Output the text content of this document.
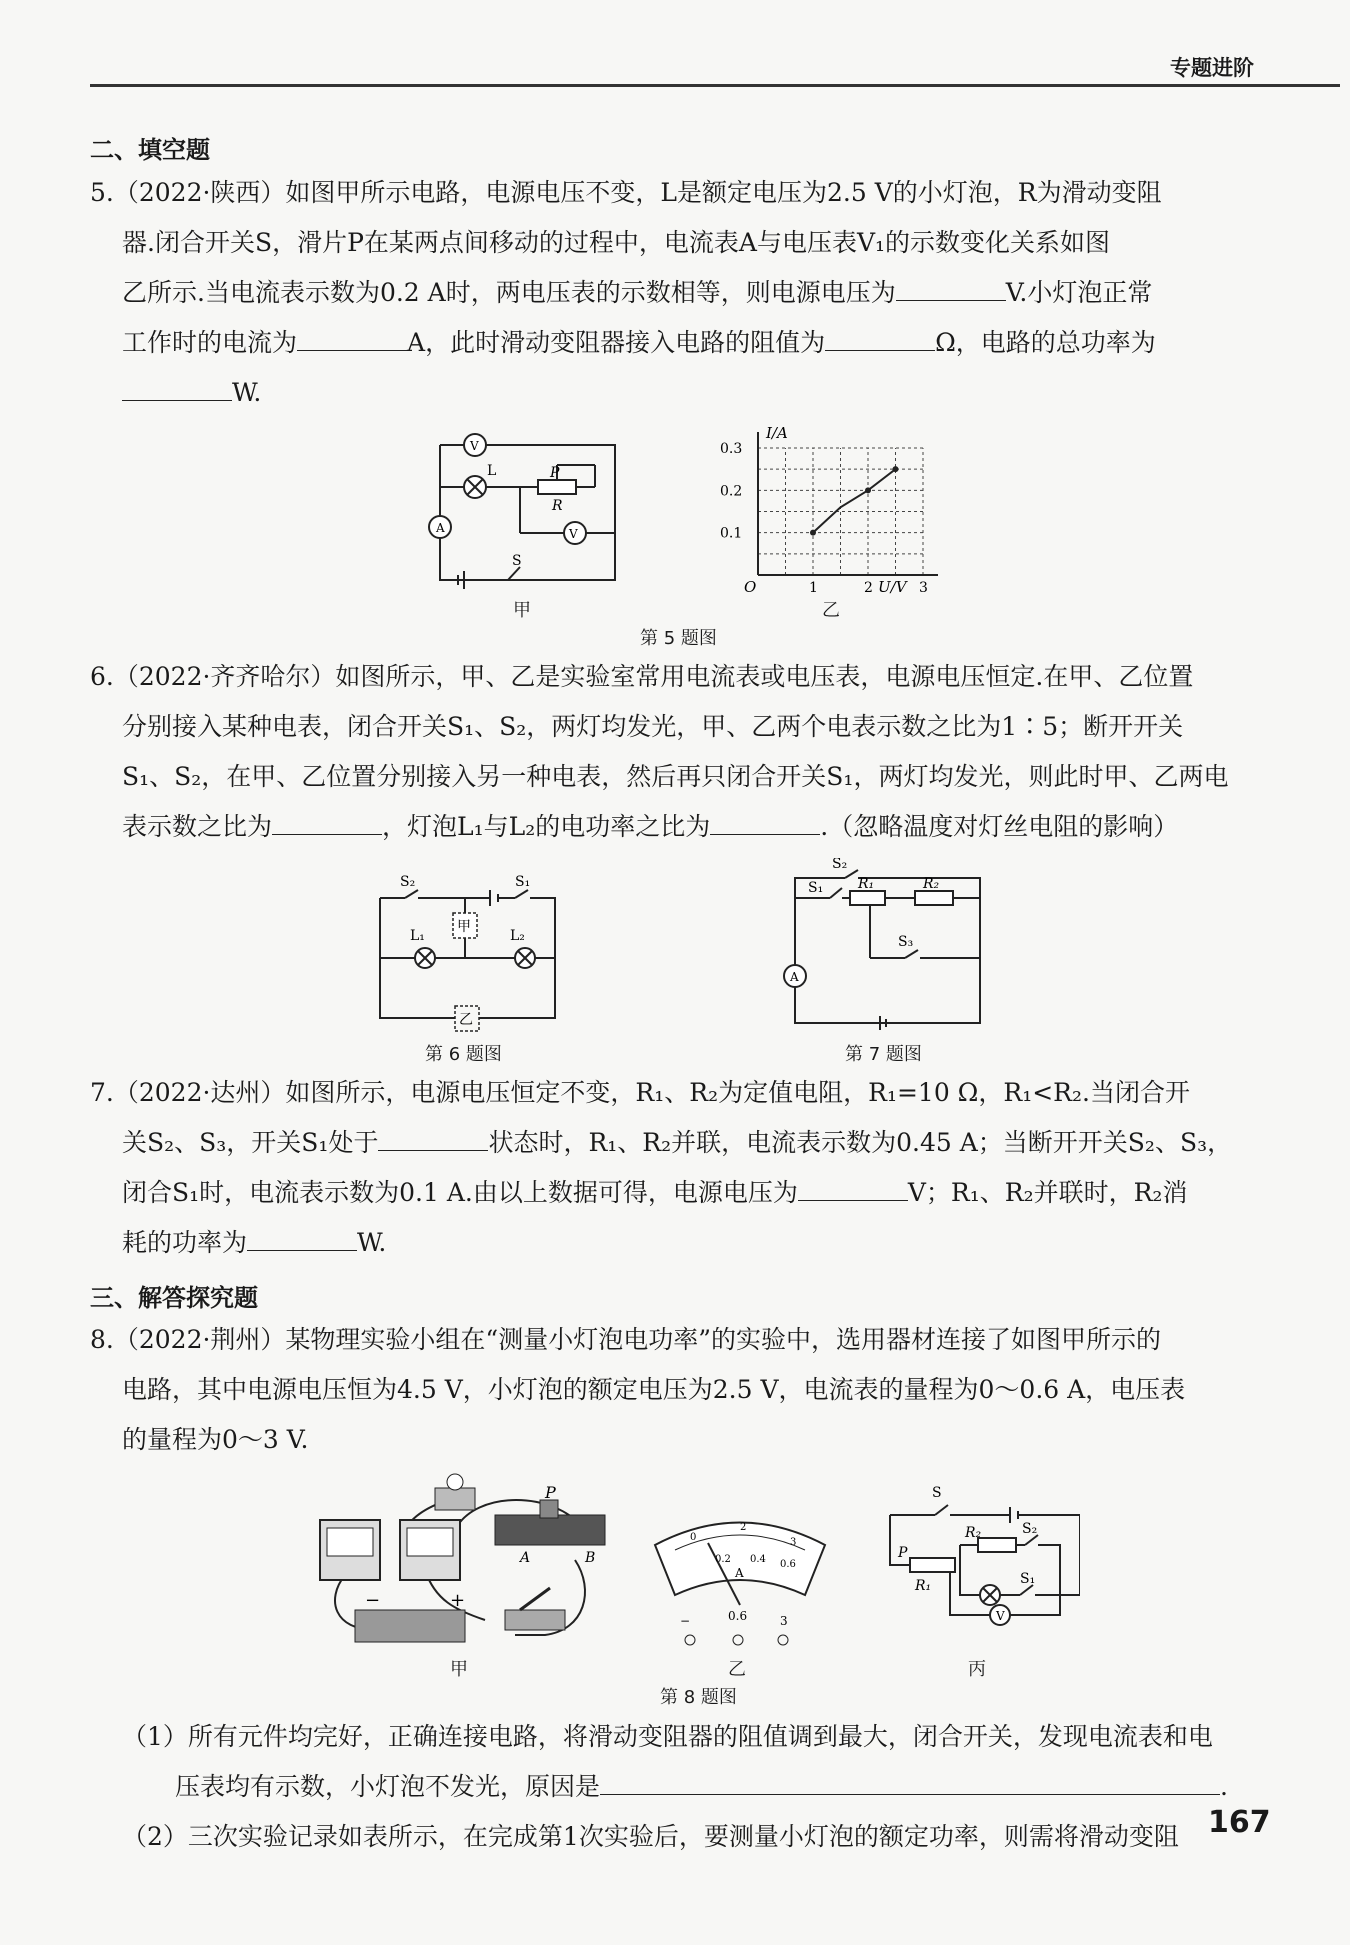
专题进阶
二、填空题

5.（2022·陕西）如图甲所示电路，电源电压不变，L是额定电压为2.5 V的小灯泡，R为滑动变阻

器.闭合开关S，滑片P在某两点间移动的过程中，电流表A与电压表V₁的示数变化关系如图

乙所示.当电流表示数为0.2 A时，两电压表的示数相等，则电源电压为	V.小灯泡正常

工作时的电流为	A，此时滑动变阻器接入电路的阻值为	Ω，电路的总功率为

W.

V
A	V
L	P
R
S
甲
I/A
U/V
O	1	2	3
0.1
0.2
0.3
乙
第 5 题图

6.（2022·齐齐哈尔）如图所示，甲、乙是实验室常用电流表或电压表，电源电压恒定.在甲、乙位置

分别接入某种电表，闭合开关S₁、S₂，两灯均发光，甲、乙两个电表示数之比为1∶5；断开开关

S₁、S₂，在甲、乙位置分别接入另一种电表，然后再只闭合开关S₁，两灯均发光，则此时甲、乙两电

表示数之比为	，灯泡L₁与L₂的电功率之比为	.（忽略温度对灯丝电阻的影响）

甲
乙
S₂	S₁
L₁	L₂
第 6 题图
A
S₂
S₁ R₁	R₂
S₃
第 7 题图

7.（2022·达州）如图所示，电源电压恒定不变，R₁、R₂为定值电阻，R₁=10 Ω，R₁<R₂.当闭合开

关S₂、S₃，开关S₁处于	状态时，R₁、R₂并联，电流表示数为0.45 A；当断开开关S₂、S₃，

闭合S₁时，电流表示数为0.1 A.由以上数据可得，电源电压为	V；R₁、R₂并联时，R₂消

耗的功率为	W.

三、解答探究题

8.（2022·荆州）某物理实验小组在“测量小灯泡电功率”的实验中，选用器材连接了如图甲所示的

电路，其中电源电压恒为4.5 V，小灯泡的额定电压为2.5 V，电流表的量程为0～0.6 A，电压表

的量程为0～3 V.

P
A	B
−	+
甲
A
0
2
3
0.2 0.4 0.6
0.6	3
−
乙
第 8 题图
V
S
P
R₁
R₂	S₂
S₁
丙

（1）所有元件均完好，正确连接电路，将滑动变阻器的阻值调到最大，闭合开关，发现电流表和电

压表均有示数，小灯泡不发光，原因是	.

（2）三次实验记录如表所示，在完成第1次实验后，要测量小灯泡的额定功率，则需将滑动变阻 167
